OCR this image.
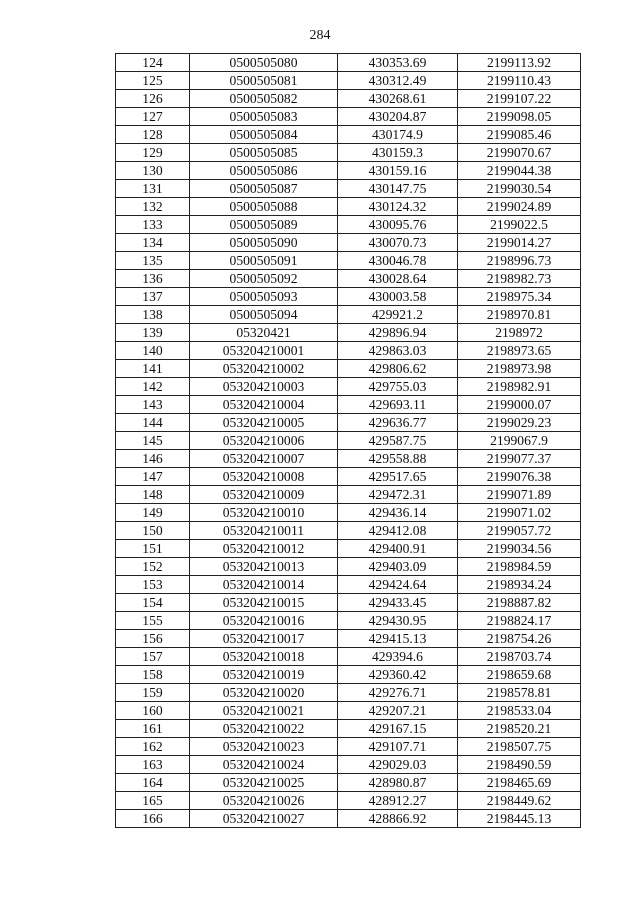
284
124	0500505080	430353.69	2199113.92
125	0500505081	430312.49	2199110.43
126	0500505082	430268.61	2199107.22
127	0500505083	430204.87	2199098.05
128	0500505084	430174.9	2199085.46
129	0500505085	430159.3	2199070.67
130	0500505086	430159.16	2199044.38
131	0500505087	430147.75	2199030.54
132	0500505088	430124.32	2199024.89
133	0500505089	430095.76	2199022.5
134	0500505090	430070.73	2199014.27
135	0500505091	430046.78	2198996.73
136	0500505092	430028.64	2198982.73
137	0500505093	430003.58	2198975.34
138	0500505094	429921.2	2198970.81
139	05320421	429896.94	2198972
140	053204210001	429863.03	2198973.65
141	053204210002	429806.62	2198973.98
142	053204210003	429755.03	2198982.91
143	053204210004	429693.11	2199000.07
144	053204210005	429636.77	2199029.23
145	053204210006	429587.75	2199067.9
146	053204210007	429558.88	2199077.37
147	053204210008	429517.65	2199076.38
148	053204210009	429472.31	2199071.89
149	053204210010	429436.14	2199071.02
150	053204210011	429412.08	2199057.72
151	053204210012	429400.91	2199034.56
152	053204210013	429403.09	2198984.59
153	053204210014	429424.64	2198934.24
154	053204210015	429433.45	2198887.82
155	053204210016	429430.95	2198824.17
156	053204210017	429415.13	2198754.26
157	053204210018	429394.6	2198703.74
158	053204210019	429360.42	2198659.68
159	053204210020	429276.71	2198578.81
160	053204210021	429207.21	2198533.04
161	053204210022	429167.15	2198520.21
162	053204210023	429107.71	2198507.75
163	053204210024	429029.03	2198490.59
164	053204210025	428980.87	2198465.69
165	053204210026	428912.27	2198449.62
166	053204210027	428866.92	2198445.13
